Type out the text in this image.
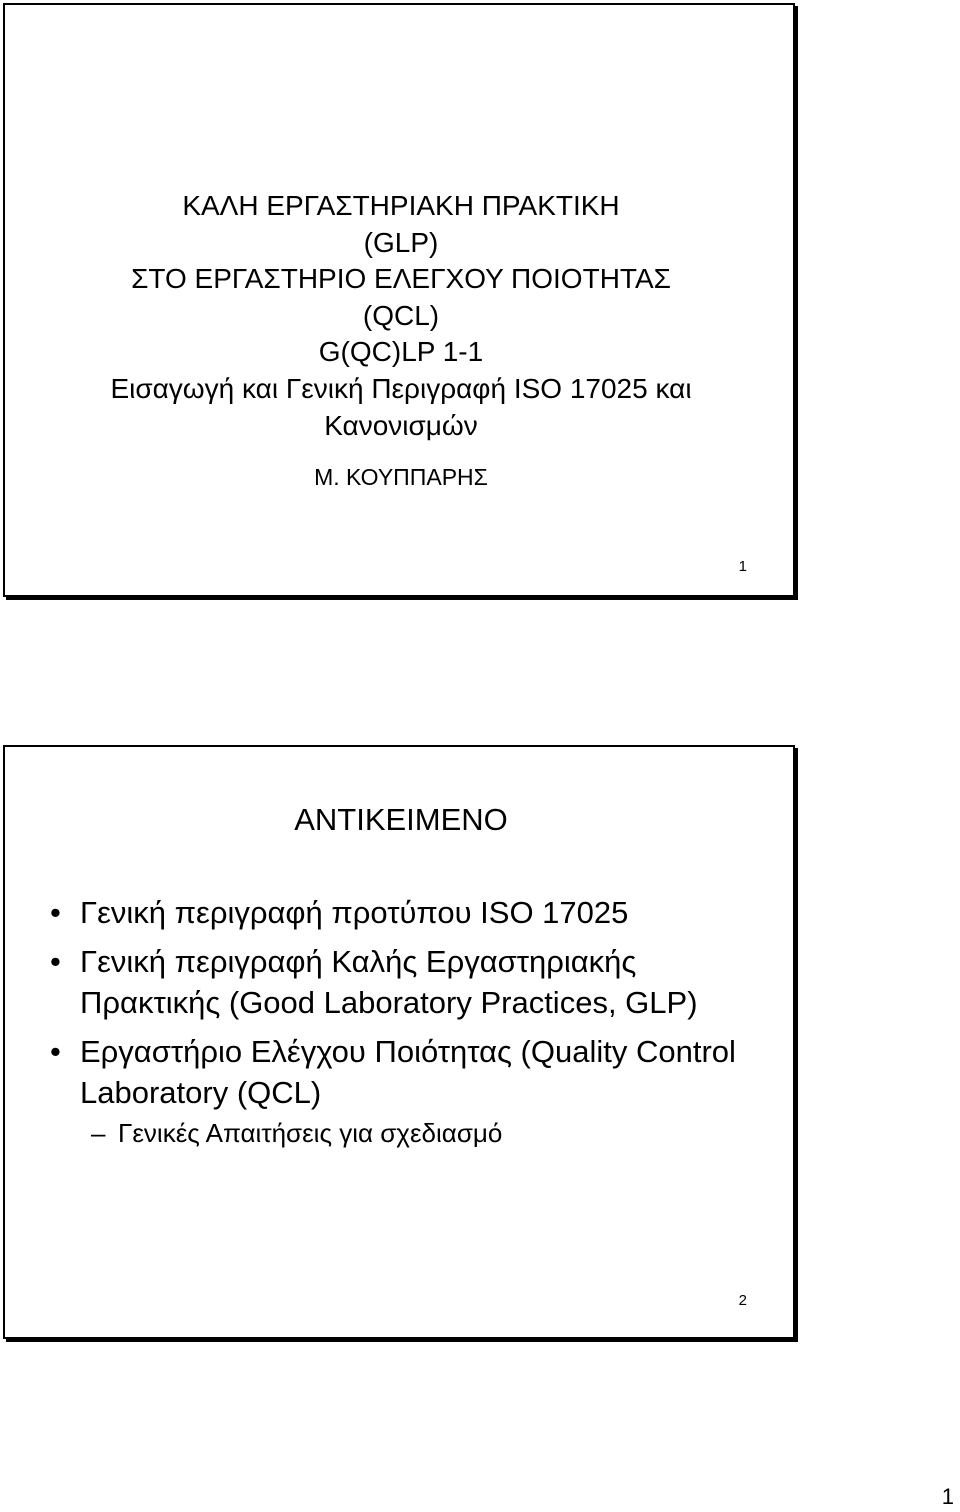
ΚΑΛΗ ΕΡΓΑΣΤΗΡΙΑΚΗ ΠΡΑΚΤΙΚΗ
(GLP)
ΣΤΟ ΕΡΓΑΣΤΗΡΙΟ ΕΛΕΓΧΟΥ ΠΟΙΟΤΗΤΑΣ
(QCL)
G(QC)LP 1-1
Εισαγωγή και Γενική Περιγραφή ISO 17025 και
Κανονισμών
Μ. ΚΟΥΠΠΑΡΗΣ
1
ΑΝΤΙΚΕΙΜΕΝΟ
• Γενική περιγραφή προτύπου ISO 17025
• Γενική περιγραφή Καλής Εργαστηριακής Πρακτικής (Good Laboratory Practices, GLP)
• Εργαστήριο Ελέγχου Ποιότητας (Quality Control Laboratory (QCL)
– Γενικές Απαιτήσεις για σχεδιασμό
2
1
